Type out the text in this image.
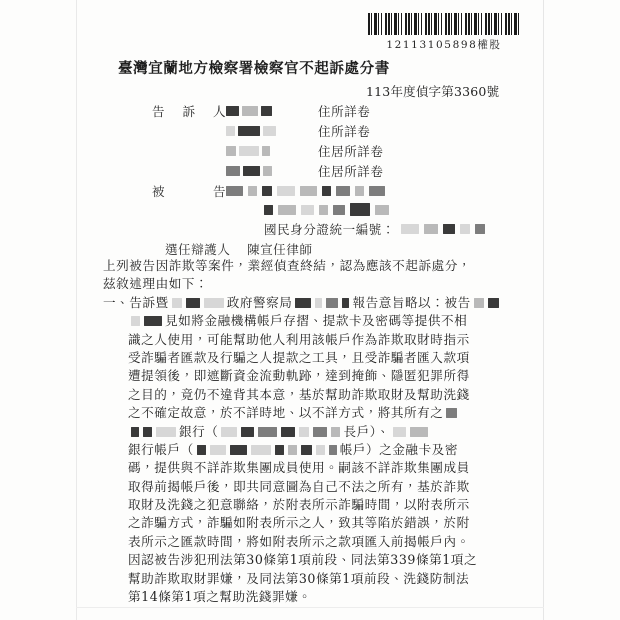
12113105898權股
臺灣宜蘭地方檢察署檢察官不起訴處分書
113年度偵字第3360號
告 訴 人	住所詳卷
住所詳卷
住居所詳卷
住居所詳卷
被	告
國民身分證統一編號：
選任辯護人 陳宣任律師
上列被告因詐欺等案件，業經偵查終結，認為應該不起訴處分，
茲敘述理由如下：
一、告訴暨	政府警察局	報告意旨略以：被告
見如將金融機構帳戶存摺、提款卡及密碼等提供不相
識之人使用，可能幫助他人利用該帳戶作為詐欺取財時指示
受詐騙者匯款及行騙之人提款之工具，且受詐騙者匯入款項
遭提領後，即遮斷資金流動軌跡，達到掩飾、隱匿犯罪所得
之目的，竟仍不違背其本意，基於幫助詐欺取財及幫助洗錢
之不確定故意，於不詳時地、以不詳方式，將其所有之
銀行（	長戶）、
銀行帳戶（	帳戶）之金融卡及密
碼，提供與不詳詐欺集團成員使用。嗣該不詳詐欺集團成員
取得前揭帳戶後，即共同意圖為自己不法之所有，基於詐欺
取財及洗錢之犯意聯絡，於附表所示詐騙時間，以附表所示
之詐騙方式，詐騙如附表所示之人，致其等陷於錯誤，於附
表所示之匯款時間，將如附表所示之款項匯入前揭帳戶內。
因認被告涉犯刑法第30條第1項前段、同法第339條第1項之
幫助詐欺取財罪嫌，及同法第30條第1項前段、洗錢防制法
第14條第1項之幫助洗錢罪嫌。
